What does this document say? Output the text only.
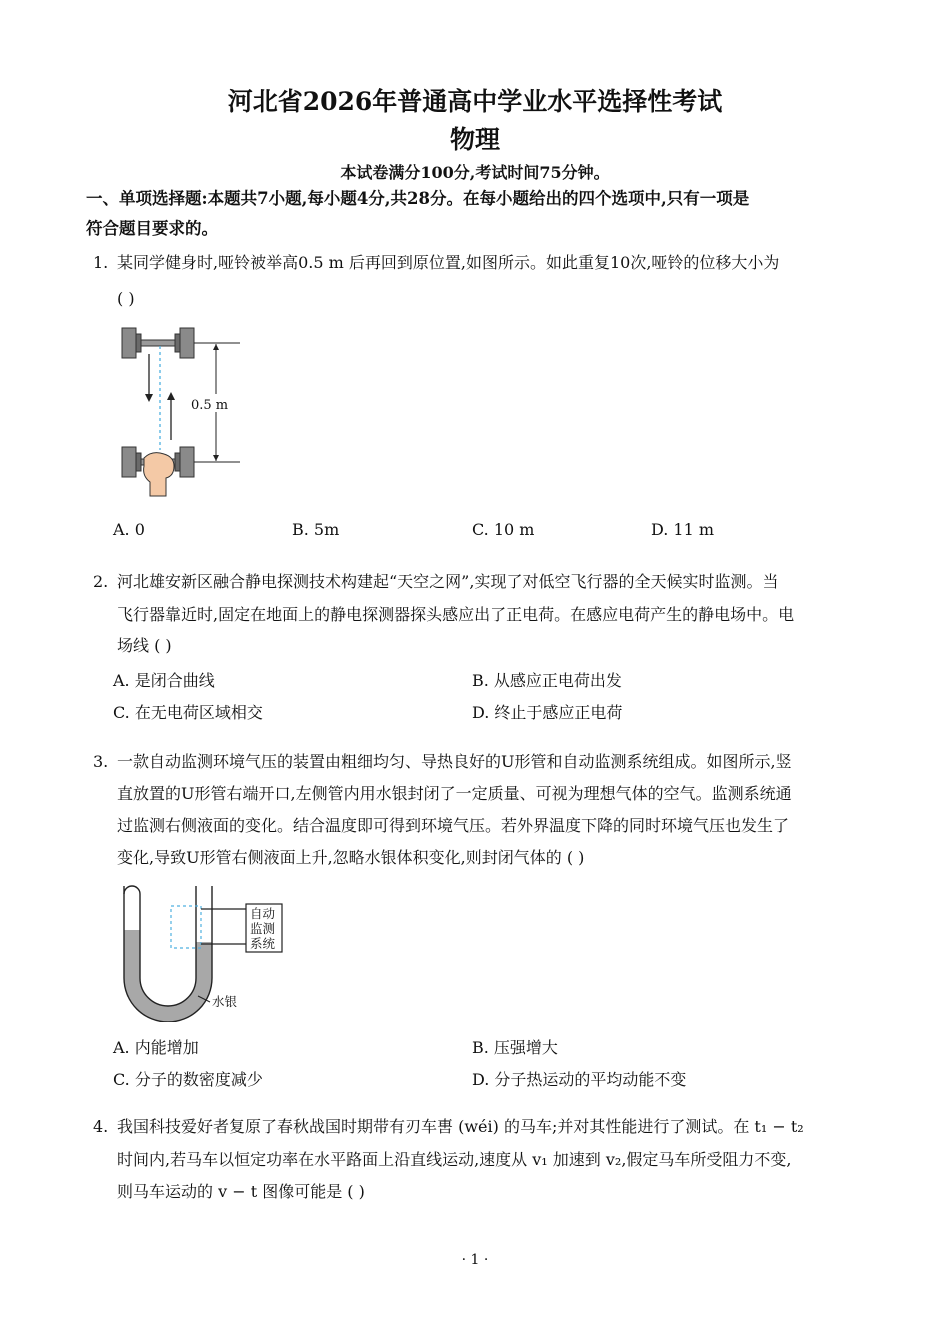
河北省2026年普通高中学业水平选择性考试
物理
本试卷满分100分,考试时间75分钟。
一、单项选择题:本题共7小题,每小题4分,共28分。在每小题给出的四个选项中,只有一项是
符合题目要求的。
1. 某同学健身时,哑铃被举高0.5 m 后再回到原位置,如图所示。如此重复10次,哑铃的位移大小为
( )
0.5 m
A. 0	B. 5m	C. 10 m	D. 11 m
2. 河北雄安新区融合静电探测技术构建起“天空之网”,实现了对低空飞行器的全天候实时监测。当
飞行器靠近时,固定在地面上的静电探测器探头感应出了正电荷。在感应电荷产生的静电场中。电
场线 ( )
A. 是闭合曲线	B. 从感应正电荷出发
C. 在无电荷区域相交	D. 终止于感应正电荷
3. 一款自动监测环境气压的装置由粗细均匀、导热良好的U形管和自动监测系统组成。如图所示,竖
直放置的U形管右端开口,左侧管内用水银封闭了一定质量、可视为理想气体的空气。监测系统通
过监测右侧液面的变化。结合温度即可得到环境气压。若外界温度下降的同时环境气压也发生了
变化,导致U形管右侧液面上升,忽略水银体积变化,则封闭气体的 ( )
自动
监测
系统
水银
A. 内能增加	B. 压强增大
C. 分子的数密度减少	D. 分子热运动的平均动能不变
4. 我国科技爱好者复原了春秋战国时期带有刃车軎 (wéi) 的马车;并对其性能进行了测试。在 t₁ − t₂
时间内,若马车以恒定功率在水平路面上沿直线运动,速度从 v₁ 加速到 v₂,假定马车所受阻力不变,
则马车运动的 v − t 图像可能是 ( )
· 1 ·
